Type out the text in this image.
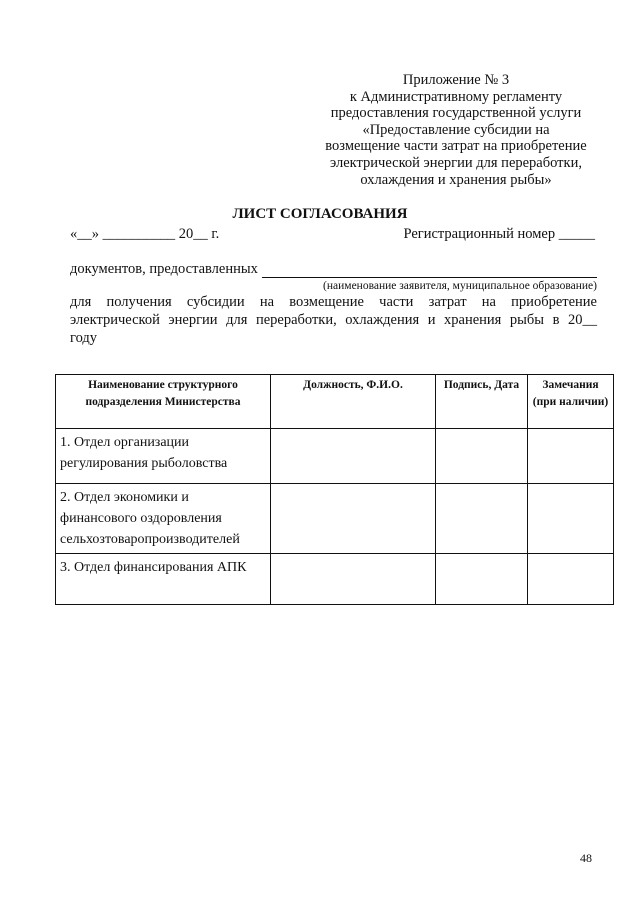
Приложение № 3
к Административному регламенту
предоставления государственной услуги
«Предоставление субсидии на
возмещение части затрат на приобретение
электрической энергии для переработки,
охлаждения и хранения рыбы»
ЛИСТ СОГЛАСОВАНИЯ
«__» __________ 20__ г.	Регистрационный номер _____
документов, предоставленных
(наименование заявителя, муниципальное образование)
для получения субсидии на возмещение части затрат на приобретение электрической энергии для переработки, охлаждения и хранения рыбы в 20__ году
Наименование структурного подразделения Министерства	Должность, Ф.И.О.	Подпись, Дата	Замечания (при наличии)
1. Отдел организации регулирования рыболовства			
2. Отдел экономики и финансового оздоровления сельхозтоваропроизводителей			
3. Отдел финансирования АПК			
48
